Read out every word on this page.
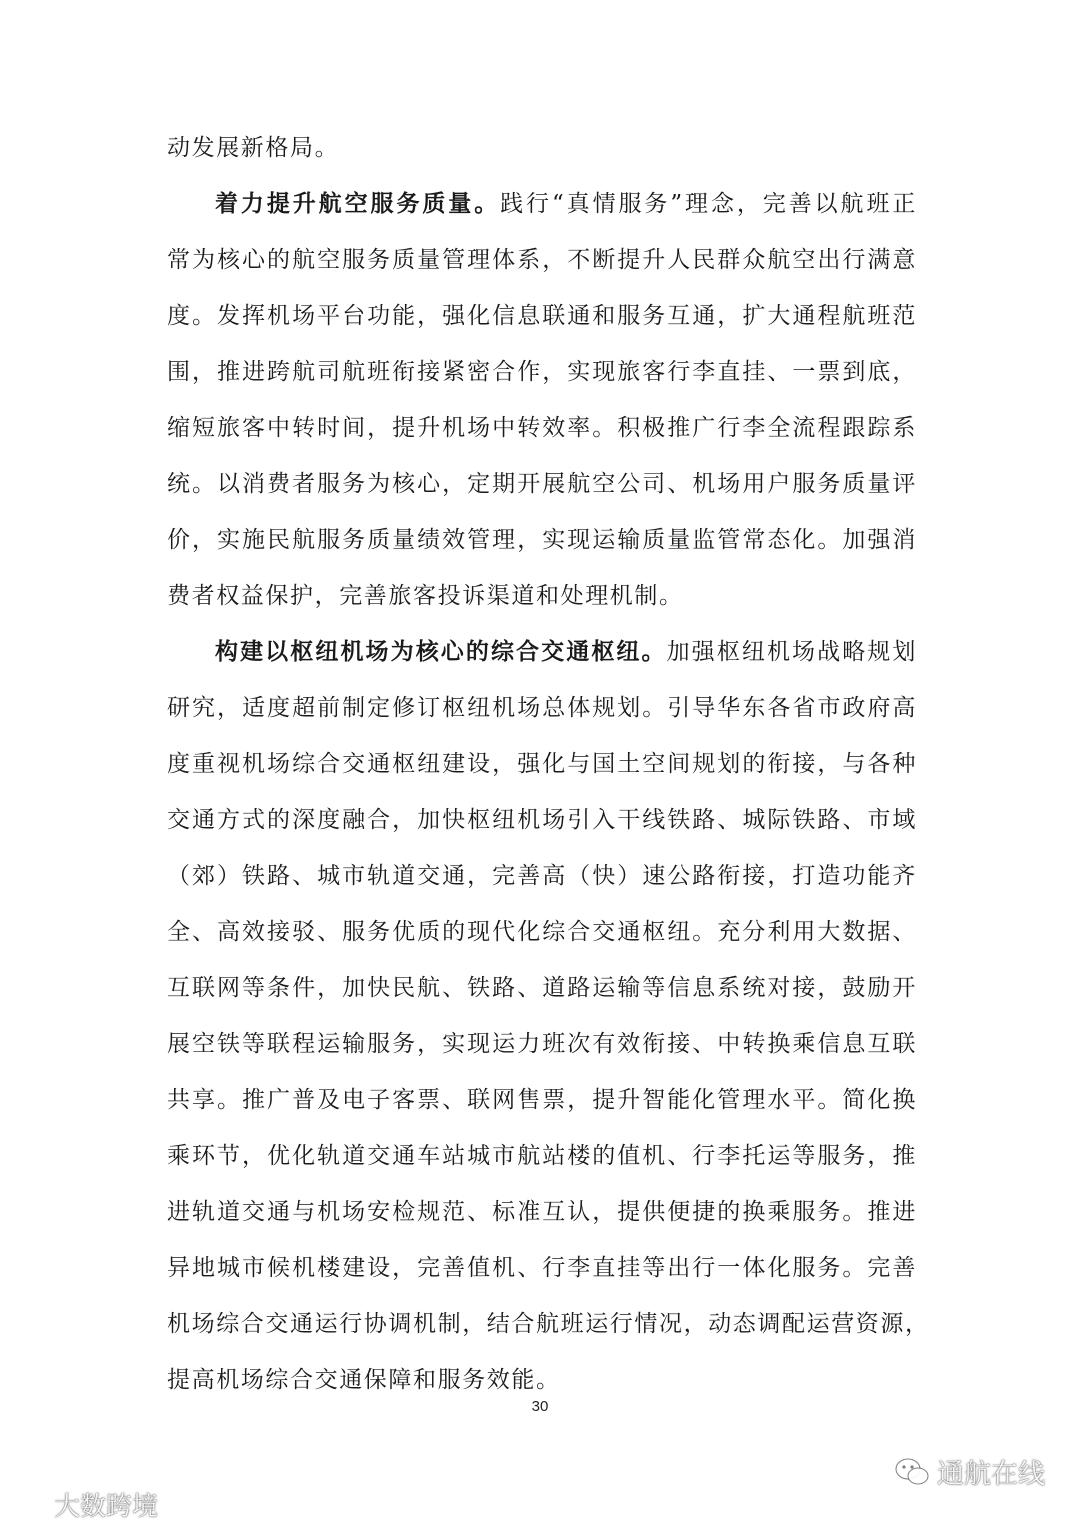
动发展新格局。
着力提升航空服务质量。践行“真情服务”理念，完善以航班正
常为核心的航空服务质量管理体系，不断提升人民群众航空出行满意
度。发挥机场平台功能，强化信息联通和服务互通，扩大通程航班范
围，推进跨航司航班衔接紧密合作，实现旅客行李直挂、一票到底，
缩短旅客中转时间，提升机场中转效率。积极推广行李全流程跟踪系
统。以消费者服务为核心，定期开展航空公司、机场用户服务质量评
价，实施民航服务质量绩效管理，实现运输质量监管常态化。加强消
费者权益保护，完善旅客投诉渠道和处理机制。
构建以枢纽机场为核心的综合交通枢纽。加强枢纽机场战略规划
研究，适度超前制定修订枢纽机场总体规划。引导华东各省市政府高
度重视机场综合交通枢纽建设，强化与国土空间规划的衔接，与各种
交通方式的深度融合，加快枢纽机场引入干线铁路、城际铁路、市域
（郊）铁路、城市轨道交通，完善高（快）速公路衔接，打造功能齐
全、高效接驳、服务优质的现代化综合交通枢纽。充分利用大数据、
互联网等条件，加快民航、铁路、道路运输等信息系统对接，鼓励开
展空铁等联程运输服务，实现运力班次有效衔接、中转换乘信息互联
共享。推广普及电子客票、联网售票，提升智能化管理水平。简化换
乘环节，优化轨道交通车站城市航站楼的值机、行李托运等服务，推
进轨道交通与机场安检规范、标准互认，提供便捷的换乘服务。推进
异地城市候机楼建设，完善值机、行李直挂等出行一体化服务。完善
机场综合交通运行协调机制，结合航班运行情况，动态调配运营资源，
提高机场综合交通保障和服务效能。
30
通航在线
大数跨境
